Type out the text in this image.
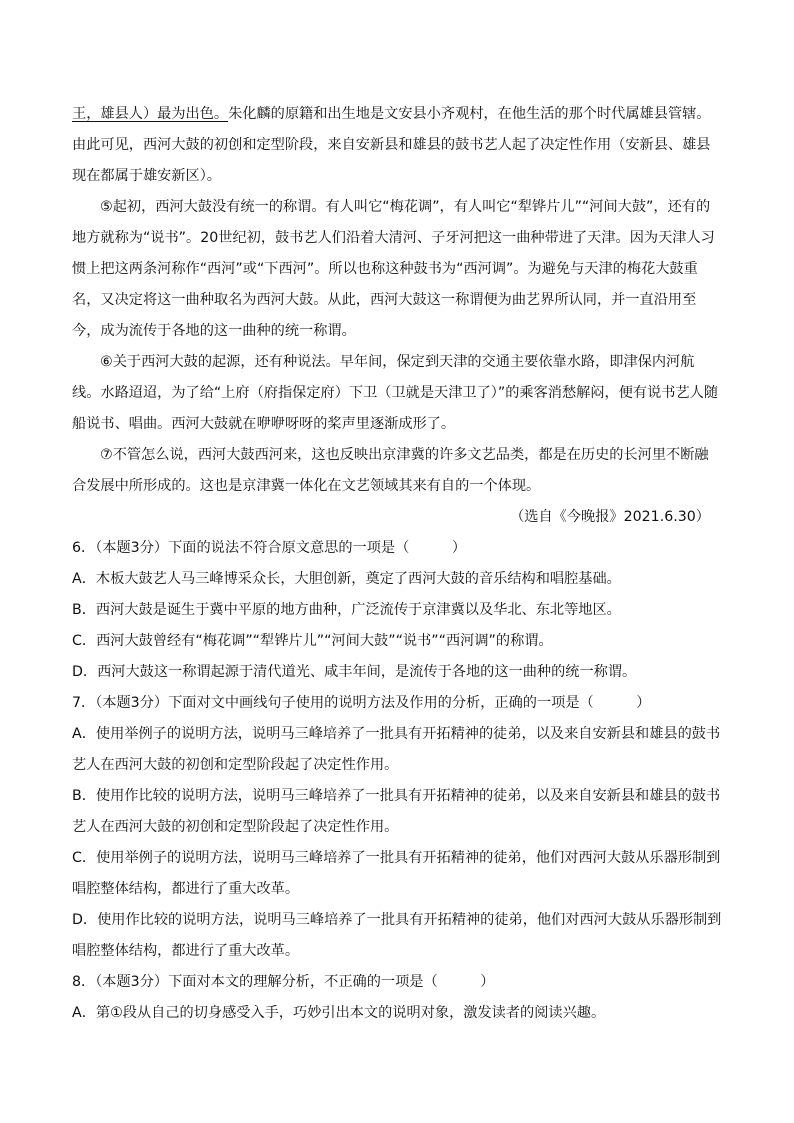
王，雄县人）最为出色。朱化麟的原籍和出生地是文安县小齐观村，在他生活的那个时代属雄县管辖。由此可见，西河大鼓的初创和定型阶段，来自安新县和雄县的鼓书艺人起了决定性作用（安新县、雄县现在都属于雄安新区）。

⑤起初，西河大鼓没有统一的称谓。有人叫它“梅花调”，有人叫它“犁铧片儿”“河间大鼓”，还有的地方就称为“说书”。20世纪初，鼓书艺人们沿着大清河、子牙河把这一曲种带进了天津。因为天津人习惯上把这两条河称作“西河”或“下西河”。所以也称这种鼓书为“西河调”。为避免与天津的梅花大鼓重名，又决定将这一曲种取名为西河大鼓。从此，西河大鼓这一称谓便为曲艺界所认同，并一直沿用至今，成为流传于各地的这一曲种的统一称谓。

⑥关于西河大鼓的起源，还有种说法。早年间，保定到天津的交通主要依靠水路，即津保内河航线。水路迢迢，为了给“上府（府指保定府）下卫（卫就是天津卫了）”的乘客消愁解闷，便有说书艺人随船说书、唱曲。西河大鼓就在咿咿呀呀的桨声里逐渐成形了。

⑦不管怎么说，西河大鼓西河来，这也反映出京津冀的许多文艺品类，都是在历史的长河里不断融合发展中所形成的。这也是京津冀一体化在文艺领域其来有自的一个体现。

（选自《今晚报》2021.6.30）

6．（本题3分）下面的说法不符合原文意思的一项是（　　　）

A．木板大鼓艺人马三峰博采众长，大胆创新，奠定了西河大鼓的音乐结构和唱腔基础。

B．西河大鼓是诞生于冀中平原的地方曲种，广泛流传于京津冀以及华北、东北等地区。

C．西河大鼓曾经有“梅花调”“犁铧片儿”“河间大鼓”“说书”“西河调”的称谓。

D．西河大鼓这一称谓起源于清代道光、咸丰年间，是流传于各地的这一曲种的统一称谓。

7．（本题3分）下面对文中画线句子使用的说明方法及作用的分析，正确的一项是（　　　）

A．使用举例子的说明方法，说明马三峰培养了一批具有开拓精神的徒弟，以及来自安新县和雄县的鼓书艺人在西河大鼓的初创和定型阶段起了决定性作用。

B．使用作比较的说明方法，说明马三峰培养了一批具有开拓精神的徒弟，以及来自安新县和雄县的鼓书艺人在西河大鼓的初创和定型阶段起了决定性作用。

C．使用举例子的说明方法，说明马三峰培养了一批具有开拓精神的徒弟，他们对西河大鼓从乐器形制到唱腔整体结构，都进行了重大改革。

D．使用作比较的说明方法，说明马三峰培养了一批具有开拓精神的徒弟，他们对西河大鼓从乐器形制到唱腔整体结构，都进行了重大改革。

8．（本题3分）下面对本文的理解分析，不正确的一项是（　　　）

A．第①段从自己的切身感受入手，巧妙引出本文的说明对象，激发读者的阅读兴趣。
